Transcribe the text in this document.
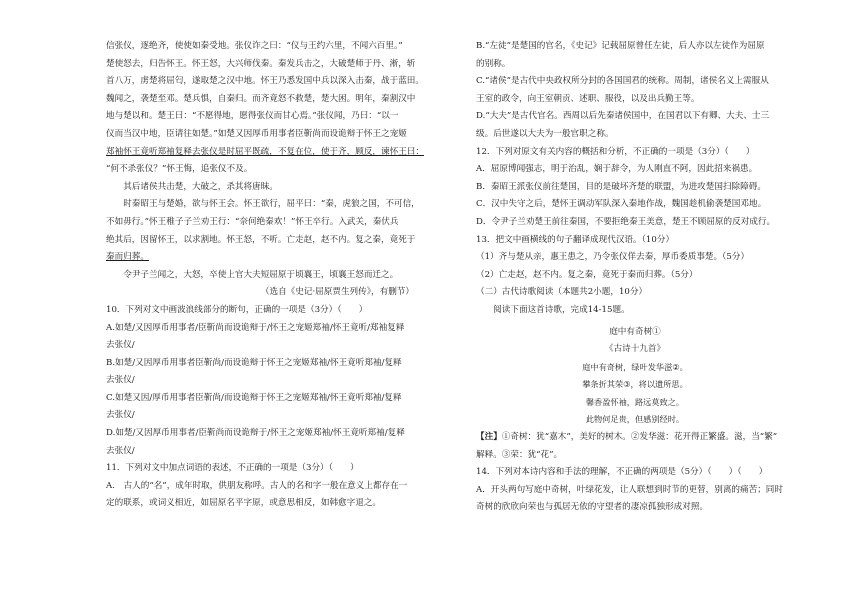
信张仪，逐绝齐，使使如秦受地。张仪诈之曰：“仪与王约六里，不闻六百里。”

楚使怒去，归告怀王。怀王怒，大兴师伐秦。秦发兵击之，大破楚师于丹、淅，斩

首八万，虏楚将屈匄，遂取楚之汉中地。怀王乃悉发国中兵以深入击秦，战于蓝田。

魏闻之，袭楚至邓。楚兵惧，自秦归。而齐竟怒不救楚，楚大困。明年，秦割汉中

地与楚以和。楚王曰：“不愿得地，愿得张仪而甘心焉。”张仪闻，乃曰：“以一

仪而当汉中地，臣请往如楚。”如楚又因厚币用事者臣靳尚而设诡辩于怀王之宠姬

郑袖怀王竟听郑袖复释去张仪是时屈平既疏，不复在位，使于齐，顾反，谏怀王曰：

“何不杀张仪？”怀王悔，追张仪不及。

其后诸侯共击楚，大破之，杀其将唐眜。

时秦昭王与楚婚，欲与怀王会。怀王欲行，屈平曰：“秦，虎狼之国，不可信，

不如毋行。”怀王稚子子兰劝王行：“奈何绝秦欢！”怀王卒行。入武关，秦伏兵

绝其后，因留怀王，以求割地。怀王怒，不听。亡走赵，赵不内。复之秦，竟死于

秦而归葬。

令尹子兰闻之，大怒，卒使上官大夫短屈原于顷襄王，顷襄王怒而迁之。

（选自《史记·屈原贾生列传》，有删节）

10．下列对文中画波浪线部分的断句，正确的一项是（3分）（　　）

A.如楚/又因厚币用事者/臣靳尚而设诡辩于/怀王之宠姬郑袖/怀王竟听/郑袖复释

去张仪/

B.如楚/又因厚币用事者臣靳尚/而设诡辩于怀王之宠姬郑袖/怀王竟听郑袖/复释

去张仪/

C.如楚又因/厚币用事者臣靳尚/而设诡辩于怀王之宠姬郑袖/怀王竟听郑袖/复释

去张仪/

D.如楚/又因厚币用事者/臣靳尚而设诡辩于/怀王之宠姬郑袖/怀王竟听郑袖/复释

去张仪/

11．下列对文中加点词语的表述，不正确的一项是（3分）（　　）

A.　古人的“名”，成年时取，供朋友称呼。古人的名和字一般在意义上都存在一

定的联系，或词义相近，如屈原名平字原，或意思相反，如韩愈字退之。

B.“左徒”是楚国的官名，《史记》记载屈原曾任左徒，后人亦以左徒作为屈原

的别称。

C.“诸侯”是古代中央政权所分封的各国国君的统称。周制，诸侯名义上需服从

王室的政令，向王室朝贡、述职、服役，以及出兵勤王等。

D.“大夫”是古代官名。西周以后先秦诸侯国中，在国君以下有卿、大夫、士三

级。后世遂以大夫为一般官职之称。

12．下列对原文有关内容的概括和分析，不正确的一项是（3分）（　　）

A．屈原博闻强志，明于治乱，娴于辞令，为人刚直不阿，因此招来祸患。

B．秦昭王派张仪前往楚国，目的是破坏齐楚的联盟，为进攻楚国扫除障碍。

C．汉中失守之后，楚怀王调动军队深入秦地作战，魏国趁机偷袭楚国邓地。

D．令尹子兰劝楚王前往秦国，不要拒绝秦王美意，楚王不顾屈原的反对成行。

13．把文中画横线的句子翻译成现代汉语。（10分）

（1）齐与楚从亲，惠王患之，乃令张仪佯去秦，厚币委质事楚。（5分）

（2）亡走赵，赵不内。复之秦，竟死于秦而归葬。（5分）

（二）古代诗歌阅读（本题共2小题，10分）

阅读下面这首诗歌，完成14-15题。

庭中有奇树①

《古诗十九首》

庭中有奇树，绿叶发华滋②。

攀条折其荣③，将以遗所思。

馨香盈怀袖，路远莫致之。

此物何足贵，但感别经时。

【注】①奇树：犹“嘉木”，美好的树木。②发华滋：花开得正繁盛。滋，当“繁”

解释。③荣：犹“花”。

14．下列对本诗内容和手法的理解，不正确的两项是（5分）（　　）（　　）

A．开头两句写庭中奇树，叶绿花发，让人联想到时节的更替，别离的痛苦；同时

奇树的欣欣向荣也与孤居无依的守望者的凄凉孤独形成对照。
